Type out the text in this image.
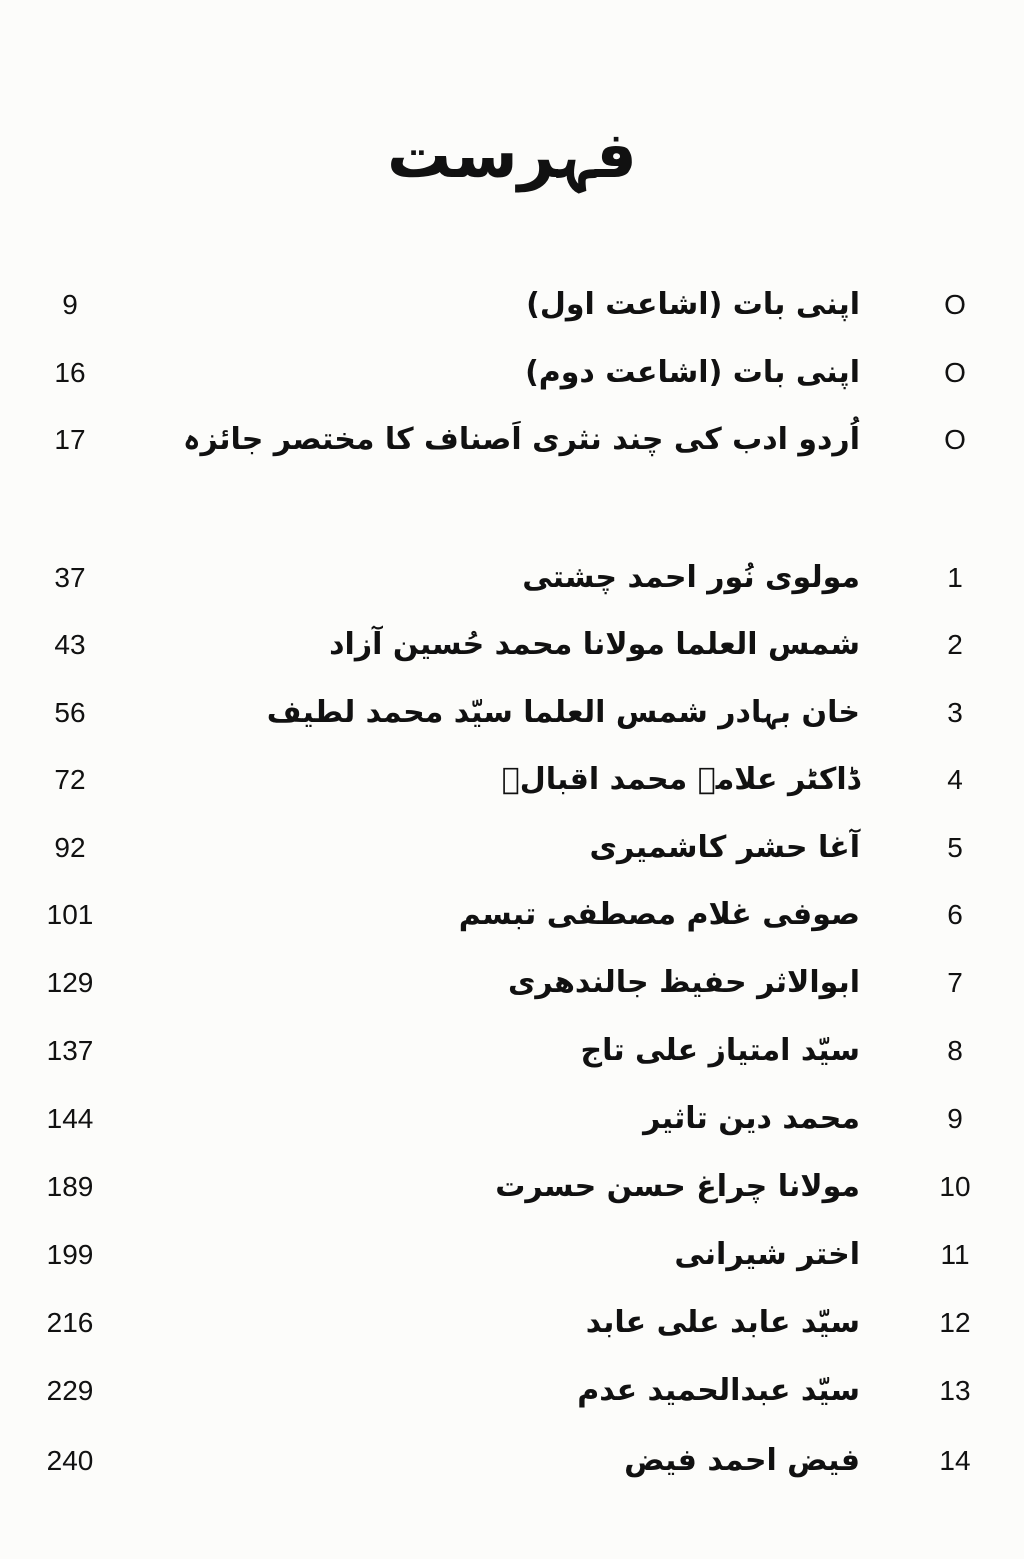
فہرست
O
اپنی بات (اشاعت اول)
9
O
اپنی بات (اشاعت دوم)
16
O
اُردو ادب کی چند نثری اَصناف کا مختصر جائزہ
17
1
مولوی نُور احمد چشتی
37
2
شمس العلما مولانا محمد حُسین آزاد
43
3
خان بہادر شمس العلما سیّد محمد لطیف
56
4
ڈاکٹر علامہ محمد اقبالؒ
72
5
آغا حشر کاشمیری
92
6
صوفی غلام مصطفی تبسم
101
7
ابوالاثر حفیظ جالندھری
129
8
سیّد امتیاز علی تاج
137
9
محمد دین تاثیر
144
10
مولانا چراغ حسن حسرت
189
11
اختر شیرانی
199
12
سیّد عابد علی عابد
216
13
سیّد عبدالحمید عدم
229
14
فیض احمد فیض
240
